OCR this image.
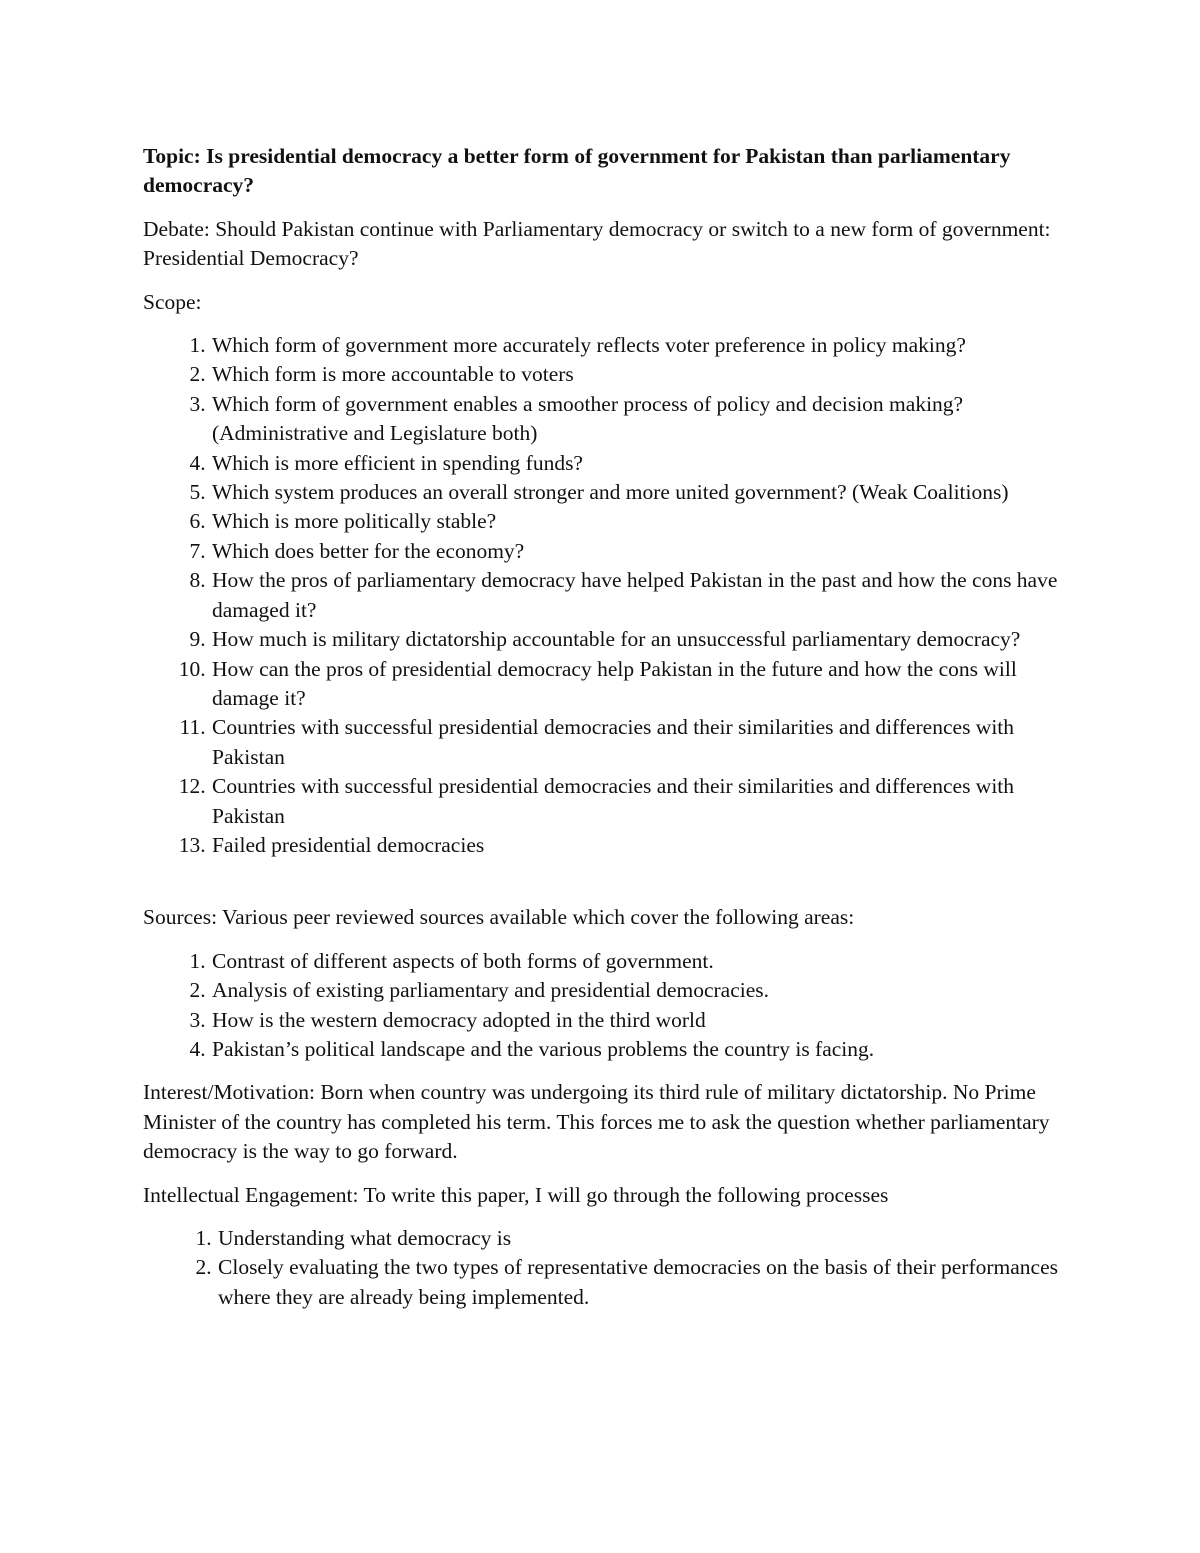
Topic: Is presidential democracy a better form of government for Pakistan than parliamentary democracy?

Debate: Should Pakistan continue with Parliamentary democracy or switch to a new form of government: Presidential Democracy?

Scope:

1. Which form of government more accurately reflects voter preference in policy making?
2. Which form is more accountable to voters
3. Which form of government enables a smoother process of policy and decision making?(Administrative and Legislature both)
4. Which is more efficient in spending funds?
5. Which system produces an overall stronger and more united government? (Weak Coalitions)
6. Which is more politically stable?
7. Which does better for the economy?
8. How the pros of parliamentary democracy have helped Pakistan in the past and how the cons have damaged it?
9. How much is military dictatorship accountable for an unsuccessful parliamentary democracy?
10. How can the pros of presidential democracy help Pakistan in the future and how the cons will damage it?
11. Countries with successful presidential democracies and their similarities and differences with Pakistan
12. Countries with successful presidential democracies and their similarities and differences with Pakistan
13. Failed presidential democracies

Sources: Various peer reviewed sources available which cover the following areas:

1. Contrast of different aspects of both forms of government.
2. Analysis of existing parliamentary and presidential democracies.
3. How is the western democracy adopted in the third world
4. Pakistan’s political landscape and the various problems the country is facing.

Interest/Motivation: Born when country was undergoing its third rule of military dictatorship. No Prime Minister of the country has completed his term. This forces me to ask the question whether parliamentary democracy is the way to go forward.

Intellectual Engagement: To write this paper, I will go through the following processes

1. Understanding what democracy is
2. Closely evaluating the two types of representative democracies on the basis of their performances where they are already being implemented.
